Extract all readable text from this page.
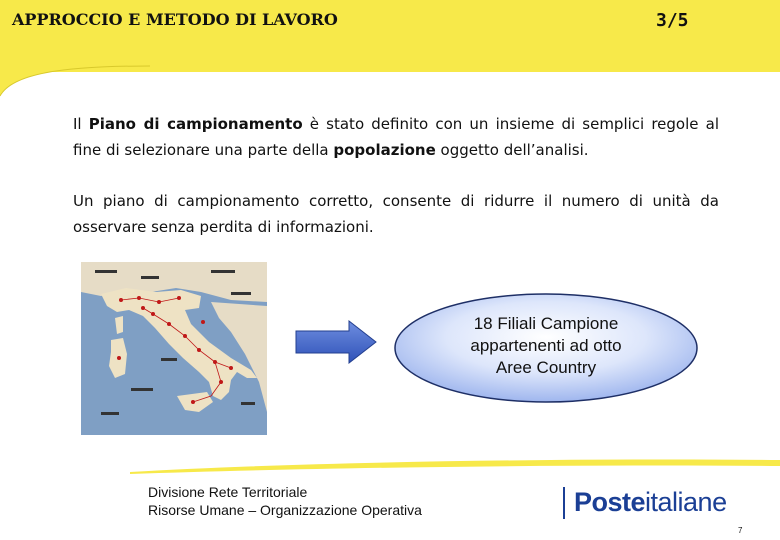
APPROCCIO E METODO DI LAVORO	3/5
Il Piano di campionamento è stato definito con un insieme di semplici regole al fine di selezionare una parte della popolazione oggetto dell’analisi.
Un piano di campionamento corretto, consente di ridurre il numero di unità da osservare senza perdita di informazioni.
18 Filiali Campione
appartenenti ad otto
Aree Country
Divisione Rete Territoriale
Risorse Umane – Organizzazione Operativa	Posteitaliane
7
